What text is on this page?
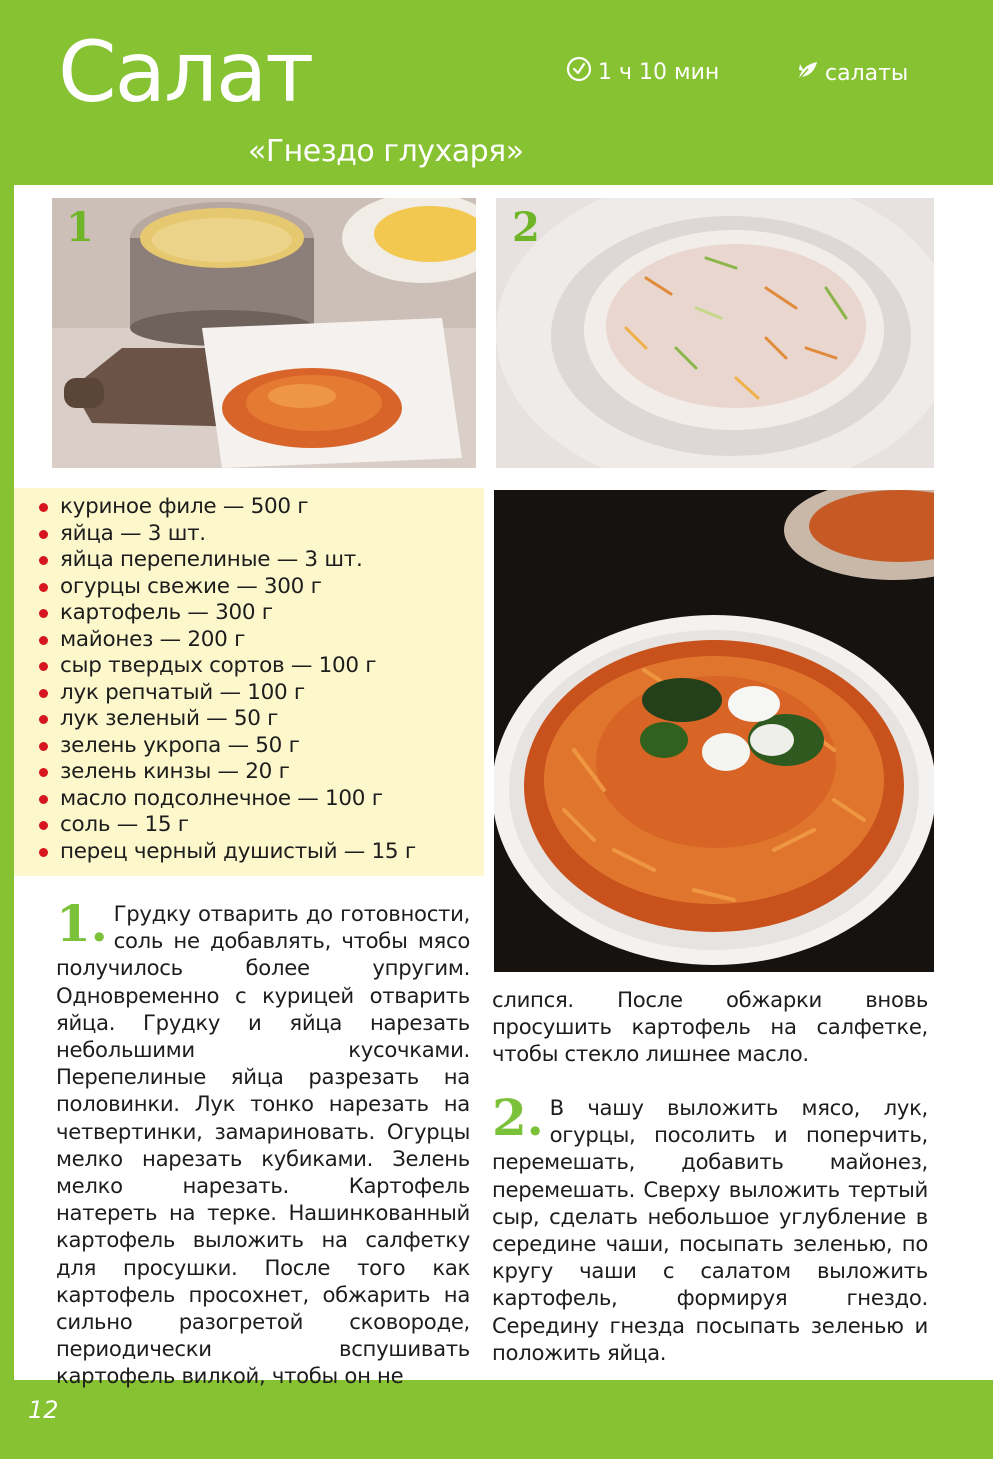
Салат
«Гнездо глухаря»
1 ч 10 мин	салаты
1	2
куриное филе — 500 г
яйца — 3 шт.
яйца перепелиные — 3 шт.
огурцы свежие — 300 г
картофель — 300 г
майонез — 200 г
сыр твердых сортов — 100 г
лук репчатый — 100 г
лук зеленый — 50 г
зелень укропа — 50 г
зелень кинзы — 20 г
масло подсолнечное — 100 г
соль — 15 г
перец черный душистый — 15 г
1. Грудку отварить до готовности, соль не добавлять, чтобы мясо получилось более упругим. Одновременно с курицей отварить яйца. Грудку и яйца нарезать небольшими кусочками. Перепелиные яйца разрезать на половинки. Лук тонко нарезать на четвертинки, замариновать. Огурцы мелко нарезать кубиками. Зелень мелко нарезать. Картофель натереть на терке. Нашинкованный картофель выложить на салфетку для просушки. После того как картофель просохнет, обжарить на сильно разогретой сковороде, периодически вспушивать картофель вилкой, чтобы он не
слипся. После обжарки вновь просушить картофель на салфетке, чтобы стекло лишнее масло.
2. В чашу выложить мясо, лук, огурцы, посолить и поперчить, перемешать, добавить майонез, перемешать. Сверху выложить тертый сыр, сделать небольшое углубление в середине чаши, посыпать зеленью, по кругу чаши с салатом выложить картофель, формируя гнездо. Середину гнезда посыпать зеленью и положить яйца.
12
